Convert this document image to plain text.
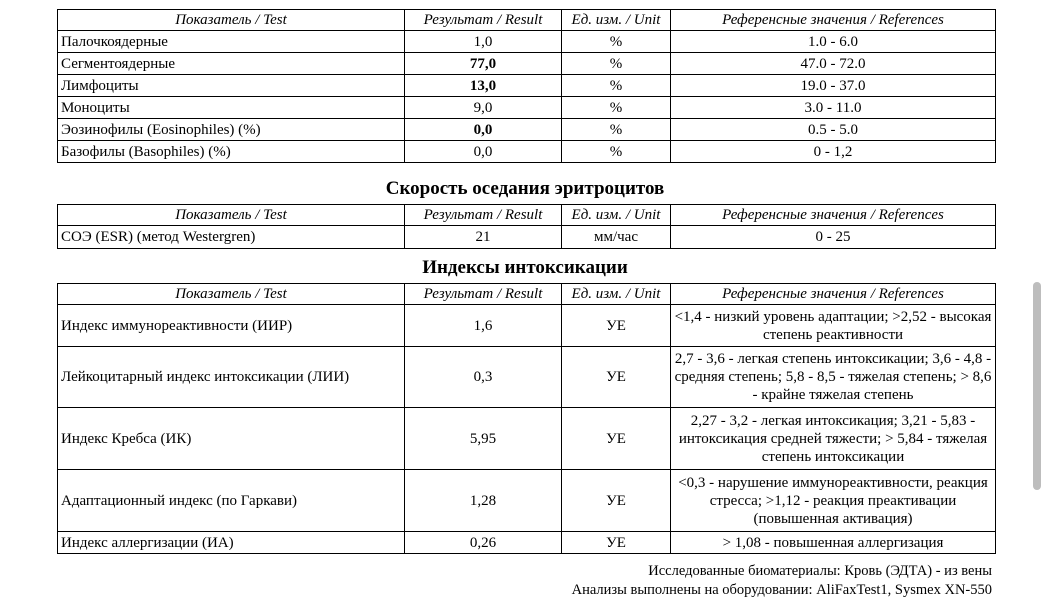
Показатель / Test	Результат / Result	Ед. изм. / Unit	Референсные значения / References
Палочкоядерные	1,0	%	1.0 - 6.0
Сегментоядерные	77,0	%	47.0 - 72.0
Лимфоциты	13,0	%	19.0 - 37.0
Моноциты	9,0	%	3.0 - 11.0
Эозинофилы (Eosinophiles) (%)	0,0	%	0.5 - 5.0
Базофилы (Basophiles) (%)	0,0	%	0 - 1,2
Скорость оседания эритроцитов
Показатель / Test	Результат / Result	Ед. изм. / Unit	Референсные значения / References
СОЭ (ESR) (метод Westergren)	21	мм/час	0 - 25
Индексы интоксикации
Показатель / Test	Результат / Result	Ед. изм. / Unit	Референсные значения / References
Индекс иммунореактивности (ИИР)	1,6	УЕ	<1,4 - низкий уровень адаптации; >2,52 - высокая степень реактивности
Лейкоцитарный индекс интоксикации (ЛИИ)	0,3	УЕ	2,7 - 3,6 - легкая степень интоксикации; 3,6 - 4,8 - средняя степень; 5,8 - 8,5 - тяжелая степень; > 8,6 - крайне тяжелая степень
Индекс Кребса (ИК)	5,95	УЕ	2,27 - 3,2 - легкая интоксикация; 3,21 - 5,83 - интоксикация средней тяжести; > 5,84 - тяжелая степень интоксикации
Адаптационный индекс (по Гаркави)	1,28	УЕ	<0,3 - нарушение иммунореактивности, реакция стресса; >1,12 - реакция преактивации (повышенная активация)
Индекс аллергизации (ИА)	0,26	УЕ	> 1,08 - повышенная аллергизация
Исследованные биоматериалы: Кровь (ЭДТА) - из вены
Анализы выполнены на оборудовании: AliFaxTest1, Sysmex XN-550
